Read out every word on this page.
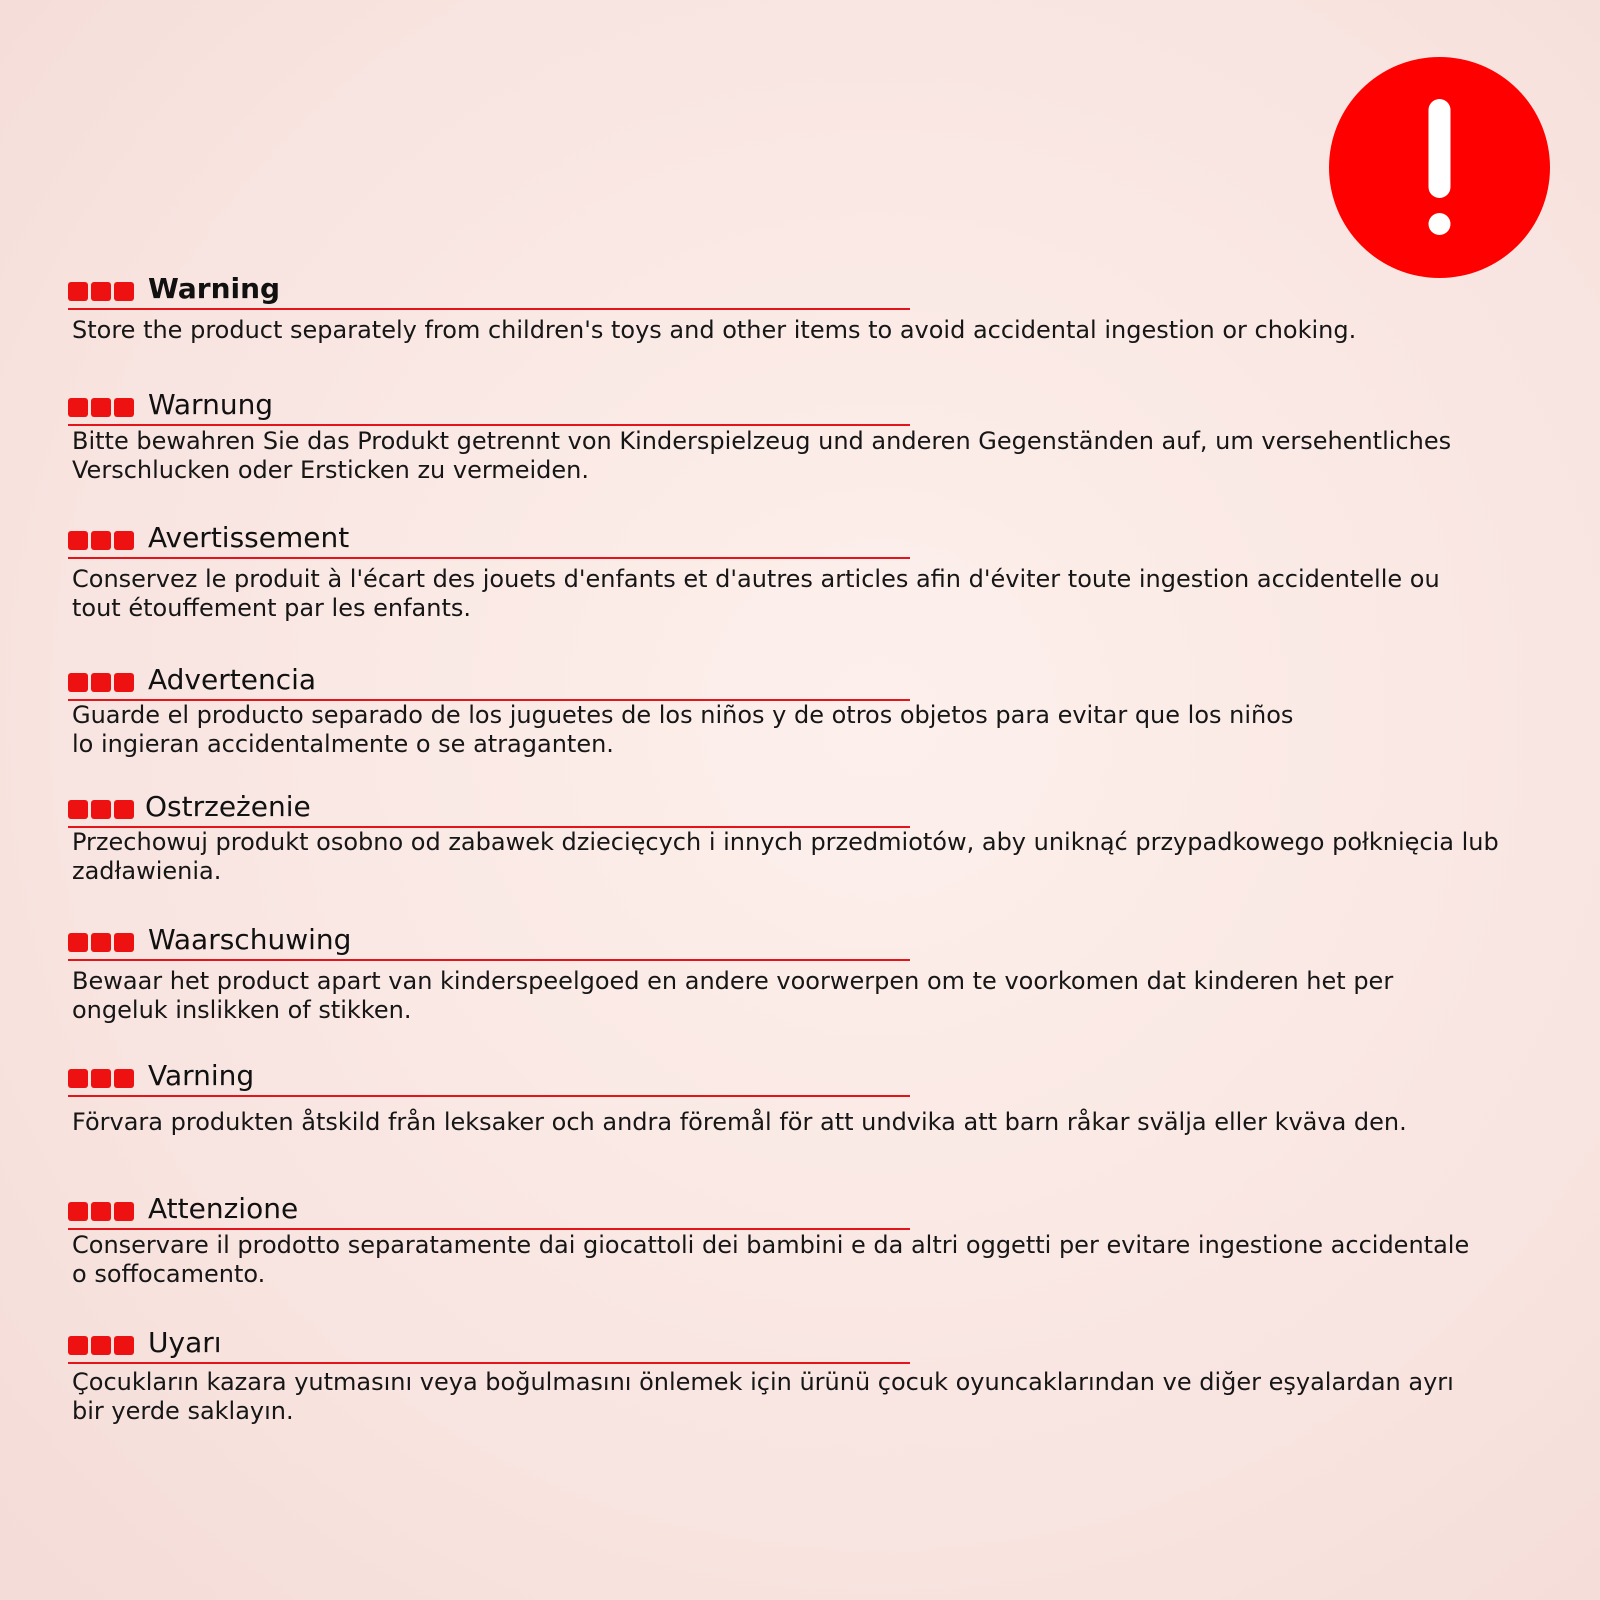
Warning
Store the product separately from children's toys and other items to avoid accidental ingestion or choking.
Warnung
Bitte bewahren Sie das Produkt getrennt von Kinderspielzeug und anderen Gegenständen auf, um versehentliches Verschlucken oder Ersticken zu vermeiden.
Avertissement
Conservez le produit à l'écart des jouets d'enfants et d'autres articles afin d'éviter toute ingestion accidentelle ou tout étouffement par les enfants.
Advertencia
Guarde el producto separado de los juguetes de los niños y de otros objetos para evitar que los niños lo ingieran accidentalmente o se atraganten.
Ostrzeżenie
Przechowuj produkt osobno od zabawek dziecięcych i innych przedmiotów, aby uniknąć przypadkowego połknięcia lub zadławienia.
Waarschuwing
Bewaar het product apart van kinderspeelgoed en andere voorwerpen om te voorkomen dat kinderen het per ongeluk inslikken of stikken.
Varning
Förvara produkten åtskild från leksaker och andra föremål för att undvika att barn råkar svälja eller kväva den.
Attenzione
Conservare il prodotto separatamente dai giocattoli dei bambini e da altri oggetti per evitare ingestione accidentale o soffocamento.
Uyarı
Çocukların kazara yutmasını veya boğulmasını önlemek için ürünü çocuk oyuncaklarından ve diğer eşyalardan ayrı bir yerde saklayın.
